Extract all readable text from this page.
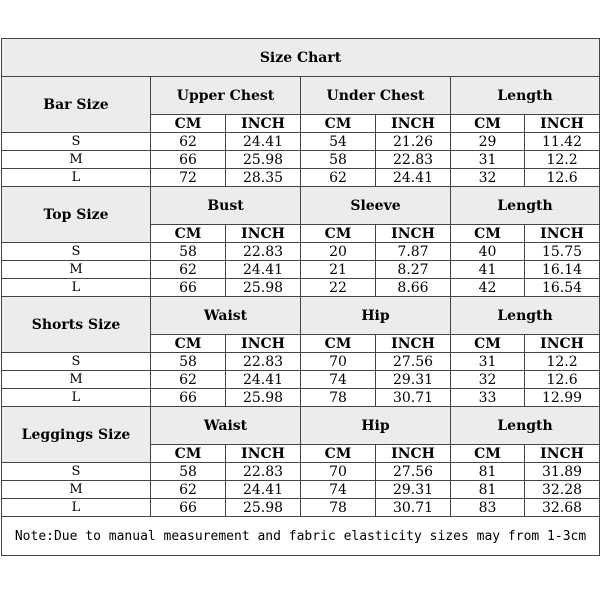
Size Chart						
Bar Size	Upper Chest		Under Chest		Length	
	CM	INCH	CM	INCH	CM	INCH
S	62	24.41	54	21.26	29	11.42
M	66	25.98	58	22.83	31	12.2
L	72	28.35	62	24.41	32	12.6
Top Size	Bust		Sleeve		Length	
	CM	INCH	CM	INCH	CM	INCH
S	58	22.83	20	7.87	40	15.75
M	62	24.41	21	8.27	41	16.14
L	66	25.98	22	8.66	42	16.54
Shorts Size	Waist		Hip		Length	
	CM	INCH	CM	INCH	CM	INCH
S	58	22.83	70	27.56	31	12.2
M	62	24.41	74	29.31	32	12.6
L	66	25.98	78	30.71	33	12.99
Leggings Size	Waist		Hip		Length	
	CM	INCH	CM	INCH	CM	INCH
S	58	22.83	70	27.56	81	31.89
M	62	24.41	74	29.31	81	32.28
L	66	25.98	78	30.71	83	32.68
Note:Due to manual measurement and fabric elasticity sizes may from 1-3cm						
